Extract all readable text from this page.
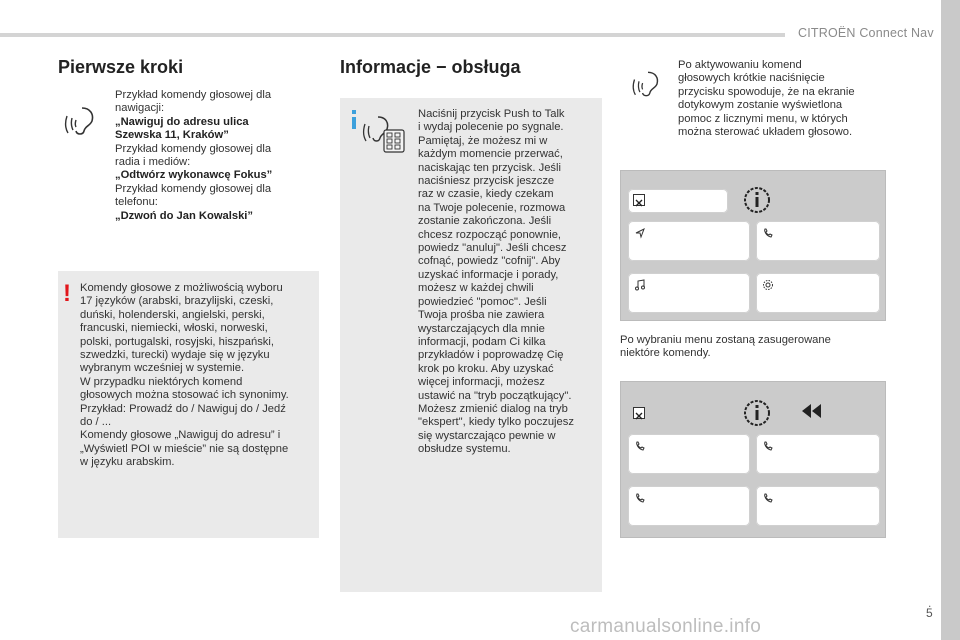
CITROËN Connect Nav
Pierwsze kroki
Przykład komendy głosowej dla nawigacji:
„Nawiguj do adresu ulica Szewska 11, Kraków”
Przykład komendy głosowej dla radia i mediów:
„Odtwórz wykonawcę Fokus”
Przykład komendy głosowej dla telefonu:
„Dzwoń do Jan Kowalski”
! Komendy głosowe z możliwością wyboru
17 języków (arabski, brazylijski, czeski,
duński, holenderski, angielski, perski,
francuski, niemiecki, włoski, norweski,
polski, portugalski, rosyjski, hiszpański,
szwedzki, turecki) wydaje się w języku
wybranym wcześniej w systemie.
W przypadku niektórych komend
głosowych można stosować ich synonimy.
Przykład: Prowadź do / Nawiguj do / Jedź
do / ...
Komendy głosowe „Nawiguj do adresu” i
„Wyświetl POI w mieście” nie są dostępne
w języku arabskim.
Informacje − obsługa
Naciśnij przycisk Push to Talk
i wydaj polecenie po sygnale.
Pamiętaj, że możesz mi w
każdym momencie przerwać,
naciskając ten przycisk. Jeśli
naciśniesz przycisk jeszcze
raz w czasie, kiedy czekam
na Twoje polecenie, rozmowa
zostanie zakończona. Jeśli
chcesz rozpocząć ponownie,
powiedz "anuluj". Jeśli chcesz
cofnąć, powiedz "cofnij". Aby
uzyskać informacje i porady,
możesz w każdej chwili
powiedzieć "pomoc". Jeśli
Twoja prośba nie zawiera
wystarczających dla mnie
informacji, podam Ci kilka
przykładów i poprowadzę Cię
krok po kroku. Aby uzyskać
więcej informacji, możesz
ustawić na "tryb początkujący".
Możesz zmienić dialog na tryb
"ekspert", kiedy tylko poczujesz
się wystarczająco pewnie w
obsłudze systemu.
Po aktywowaniu komend
głosowych krótkie naciśnięcie
przycisku spowoduje, że na ekranie
dotykowym zostanie wyświetlona
pomoc z licznymi menu, w których
można sterować układem głosowo.
Po wybraniu menu zostaną zasugerowane
niektóre komendy.
.
5
carmanualsonline.info
